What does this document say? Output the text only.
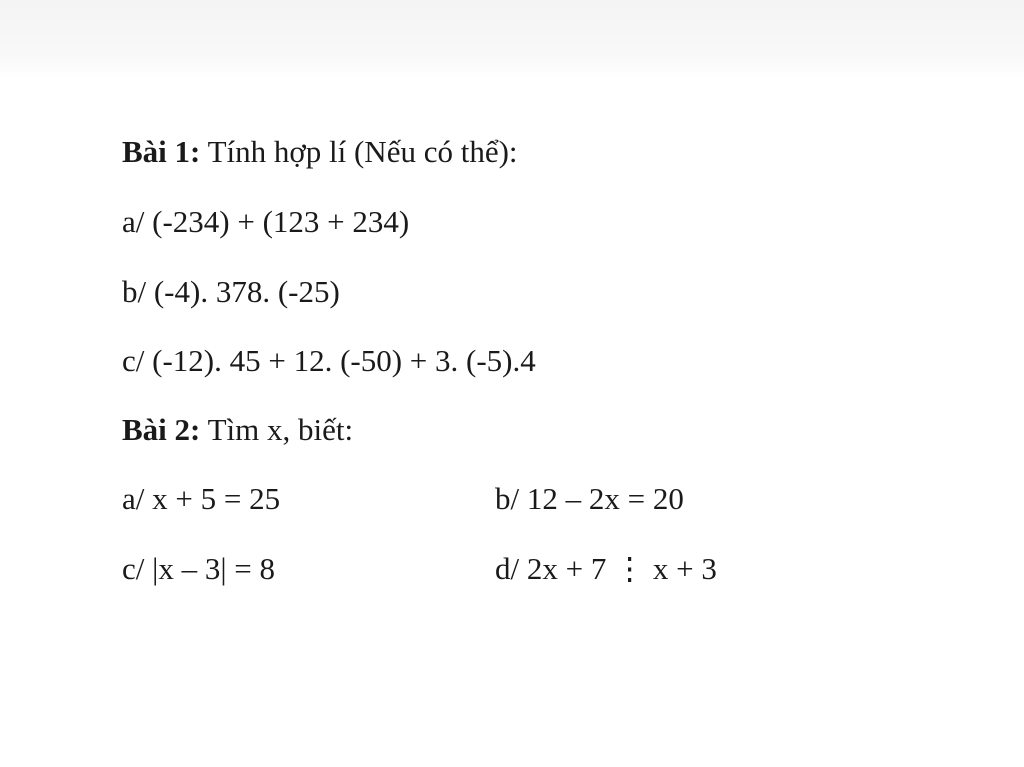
Bài 1: Tính hợp lí (Nếu có thể):
a/ (-234) + (123 + 234)
b/ (-4). 378. (-25)
c/ (-12). 45 + 12. (-50) + 3. (-5).4
Bài 2: Tìm x, biết:
a/ x + 5 = 25	b/ 12 – 2x = 20
c/ |x – 3| = 8	d/ 2x + 7 ⋮ x + 3
